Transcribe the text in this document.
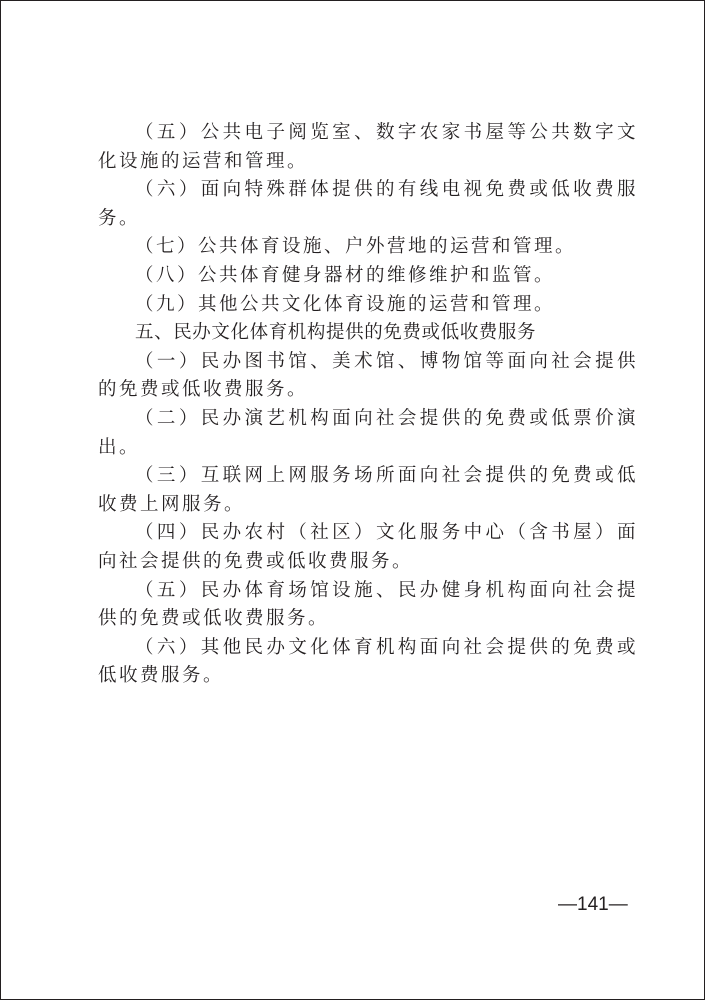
（五）公共电子阅览室、数字农家书屋等公共数字文化设施的运营和管理。

（六）面向特殊群体提供的有线电视免费或低收费服务。

（七）公共体育设施、户外营地的运营和管理。

（八）公共体育健身器材的维修维护和监管。

（九）其他公共文化体育设施的运营和管理。

五、民办文化体育机构提供的免费或低收费服务

（一）民办图书馆、美术馆、博物馆等面向社会提供的免费或低收费服务。

（二）民办演艺机构面向社会提供的免费或低票价演出。

（三）互联网上网服务场所面向社会提供的免费或低收费上网服务。

（四）民办农村（社区）文化服务中心（含书屋）面向社会提供的免费或低收费服务。

（五）民办体育场馆设施、民办健身机构面向社会提供的免费或低收费服务。

（六）其他民办文化体育机构面向社会提供的免费或低收费服务。

—141—
